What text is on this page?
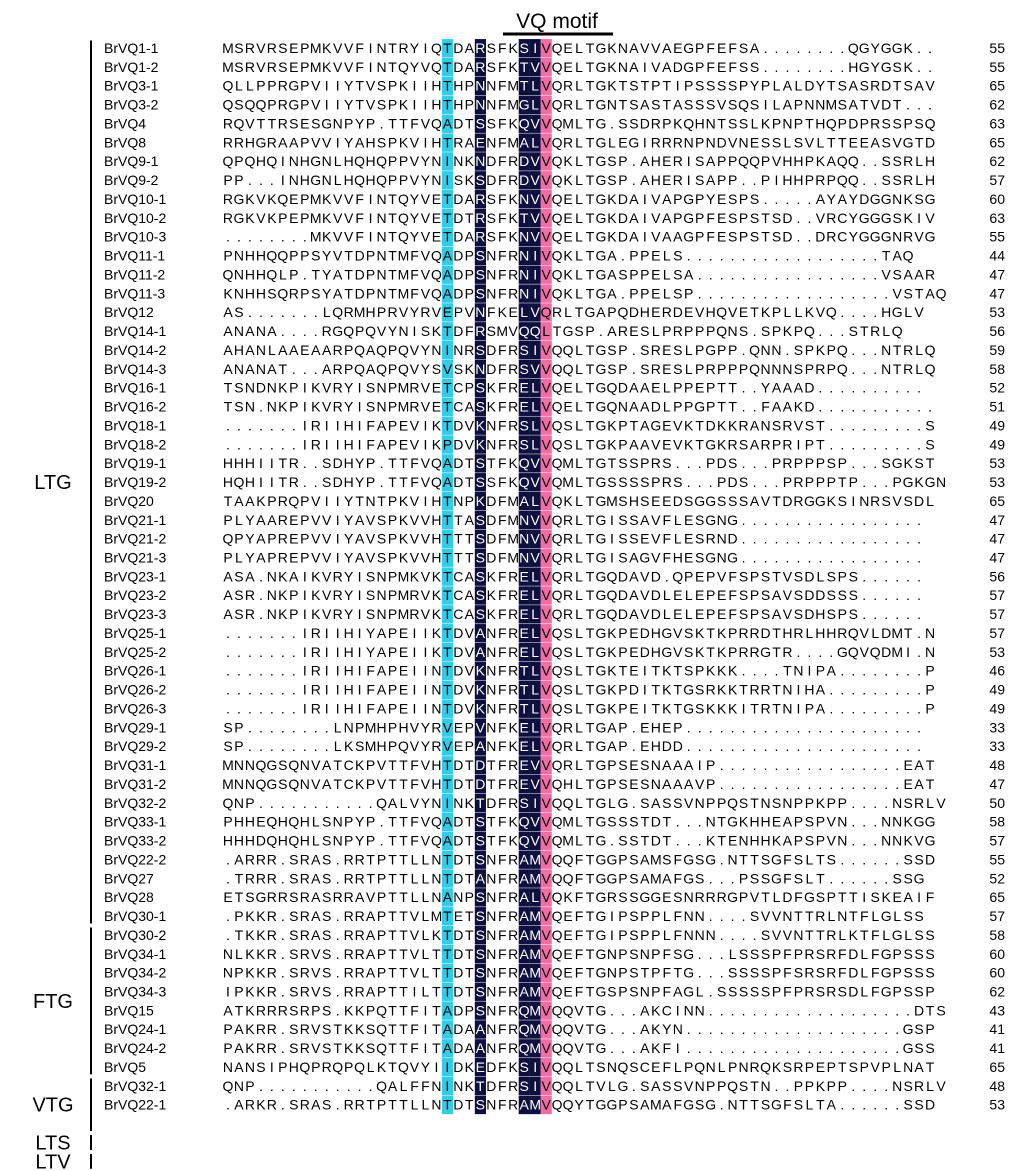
VQ motif
LTG
FTG
VTG
LTS
LTV
BrVQ1-1
BrVQ1-2
BrVQ3-1
BrVQ3-2
BrVQ4
BrVQ8
BrVQ9-1
BrVQ9-2
BrVQ10-1
BrVQ10-2
BrVQ10-3
BrVQ11-1
BrVQ11-2
BrVQ11-3
BrVQ12
BrVQ14-1
BrVQ14-2
BrVQ14-3
BrVQ16-1
BrVQ16-2
BrVQ18-1
BrVQ18-2
BrVQ19-1
BrVQ19-2
BrVQ20
BrVQ21-1
BrVQ21-2
BrVQ21-3
BrVQ23-1
BrVQ23-2
BrVQ23-3
BrVQ25-1
BrVQ25-2
BrVQ26-1
BrVQ26-2
BrVQ26-3
BrVQ29-1
BrVQ29-2
BrVQ31-1
BrVQ31-2
BrVQ32-2
BrVQ33-1
BrVQ33-2
BrVQ22-2
BrVQ27
BrVQ28
BrVQ30-1
BrVQ30-2
BrVQ34-1
BrVQ34-2
BrVQ34-3
BrVQ15
BrVQ24-1
BrVQ24-2
BrVQ5
BrVQ32-1
BrVQ22-1
M S R V R S E P M K V V F I N T R Y I Q T D A R S F K S I V Q E L T G K N A V V A E G P F E F S A . . . . . . . . Q G Y G G K . .
M S R V R S E P M K V V F I N T Q Y V Q T D A R S F K T V V Q E L T G K N A I V A D G P F E F S S . . . . . . . . H G Y G S K . .
Q L L P P R G P V I I Y T V S P K I I H T H P N N F M T L V Q R L T G K T S T P T I P S S S S P Y P L A L D Y T S A S R D T S A V
Q S Q Q P R G P V I I Y T V S P K I I H T H P N N F M G L V Q R L T G N T S A S T A S S S V S Q S I L A P N N M S A T V D T . . .
R Q V T T R S E S G N P Y P . T T F V Q A D T S S F K Q V V Q M L T G . S S D R P K Q H N T S S L K P N P T H Q P D P R S S P S Q
R R H G R A A P V V I Y A H S P K V I H T R A E N F M A L V Q R L T G L E G I R R R N P N D V N E S S L S V L T T E E A S V G T D
Q P Q H Q I N H G N L H Q H Q P P V Y N I N K N D F R D V V Q K L T G S P . A H E R I S A P P Q Q P V H H P K A Q Q . . S S R L H
P P . . . I N H G N L H Q H Q P P V Y N I S K S D F R D V V Q K L T G S P . A H E R I S A P P . . P I H H P R P Q Q . . S S R L H
R G K V K Q E P M K V V F I N T Q Y V E T D A R S F K N V V Q E L T G K D A I V A P G P Y E S P S . . . . . A Y A Y D G G N K S G
R G K V K P E P M K V V F I N T Q Y V E T D T R S F K T V V Q E L T G K D A I V A P G P F E S P S T S D . . V R C Y G G G S K I V
. . . . . . . . M K V V F I N T Q Y V E T D A R S F K N V V Q E L T G K D A I V A A G P F E S P S T S D . . D R C Y G G G N R V G
P N H H Q Q P P S Y V T D P N T M F V Q A D P S N F R N I V Q K L T G A . P P E L S . . . . . . . . . . . . . . . . . . T A Q
Q N H H Q L P . T Y A T D P N T M F V Q A D P S N F R N I V Q K L T G A S P P E L S A . . . . . . . . . . . . . . . . . V S A A R
K N H H S Q R P S Y A T D P N T M F V Q A D P S N F R N I V Q K L T G A . P P E L S P . . . . . . . . . . . . . . . . . . V S T A Q
A S . . . . . . . L Q R M H P R V Y R V E P V N F K E L V Q R L T G A P Q D H E R D E V H Q V E T K P L L K V Q . . . . H G L V
A N A N A . . . . R G Q P Q V Y N I S K T D F R S M V Q Q L T G S P . A R E S L P R P P P Q N S . S P K P Q . . . S T R L Q
A H A N L A A E A A R P Q A Q P Q V Y N I N R S D F R S I V Q Q L T G S P . S R E S L P G P P . Q N N . S P K P Q . . . N T R L Q
A N A N A T . . . A R P Q A Q P Q V Y S V S K N D F R S V V Q Q L T G S P . S R E S L P R P P P Q N N N S P R P Q . . . N T R L Q
T S N D N K P I K V R Y I S N P M R V E T C P S K F R E L V Q E L T G Q D A A E L P P E P T T . . Y A A A D . . . . . . . . . .
T S N . N K P I K V R Y I S N P M R V E T C A S K F R E L V Q E L T G Q N A A D L P P G P T T . . F A A K D . . . . . . . . . . .
. . . . . . . I R I I H I F A P E V I K T D V K N F R S L V Q S L T G K P T A G E V K T D K K R A N S R V S T . . . . . . . . . S
. . . . . . . I R I I H I F A P E V I K P D V K N F R S L V Q S L T G K P A A V E V K T G K R S A R P R I P T . . . . . . . . . S
H H H I I T R . . S D H Y P . T T F V Q A D T S T F K Q V V Q M L T G T S S P R S . . . P D S . . . P R P P P S P . . . S G K S T
H Q H I I T R . . S D H Y P . T T F V Q A D T S S F K Q V V Q M L T G S S S S P R S . . . P D S . . . P R P P P T P . . . P G K G N
T A A K P R Q P V I I Y T N T P K V I H T N P K D F M A L V Q K L T G M S H S E E D S G G S S S A V T D R G G K S I N R S V S D L
P L Y A A R E P V V I Y A V S P K V V H T T A S D F M N V V Q R L T G I S S A V F L E S G N G . . . . . . . . . . . . . . . . .
Q P Y A P R E P V V I Y A V S P K V V H T T T S D F M N V V Q R L T G I S S E V F L E S R N D . . . . . . . . . . . . . . . . .
P L Y A P R E P V V I Y A V S P K V V H T T T S D F M N V V Q R L T G I S A G V F H E S G N G . . . . . . . . . . . . . . . . .
A S A . N K A I K V R Y I S N P M K V K T C A S K F R E L V Q R L T G Q D A V D . Q P E P V F S P S T V S D L S P S . . . . . .
A S R . N K P I K V R Y I S N P M R V K T C A S K F R E L V Q R L T G Q D A V D L E L E P E F S P S A V S D D S S S . . . . . .
A S R . N K P I K V R Y I S N P M R V K T C A S K F R E L V Q R L T G Q D A V D L E L E P E F S P S A V S D H S P S . . . . . .
. . . . . . . I R I I H I Y A P E I I K T D V A N F R E L V Q S L T G K P E D H G V S K T K P R R D T H R L H H R Q V L D M T . N
. . . . . . . I R I I H I Y A P E I I K T D V A N F R E L V Q S L T G K P E D H G V S K T K P R R G T R . . . . G Q V Q D M I . N
. . . . . . . I R I I H I F A P E I I N T D V K N F R T L V Q S L T G K T E I T K T S P K K K . . . . T N I P A . . . . . . . . P
. . . . . . . I R I I H I F A P E I I N T D V K N F R T L V Q S L T G K P D I T K T G S R K K T R R T N I H A . . . . . . . . . P
. . . . . . . I R I I H I F A P E I I N T D V K N F R T L V Q S L T G K P E I T K T G S K K K I T R T N I P A . . . . . . . . . P
S P . . . . . . . . L N P M H P H V Y R V E P V N F K E L V Q R L T G A P . E H E P . . . . . . . . . . . . . . . . . . . . . .
S P . . . . . . . . L K S M H P Q V Y R V E P A N F K E L V Q R L T G A P . E H D D . . . . . . . . . . . . . . . . . . . . . .
M N N Q G S Q N V A T C K P V T T F V H T D T D T F R E V V Q R L T G P S E S N A A A I P . . . . . . . . . . . . . . . . . E A T
M N N Q G S Q N V A T C K P V T T F V H T D T D T F R E V V Q H L T G P S E S N A A A V P . . . . . . . . . . . . . . . . . E A T
Q N P . . . . . . . . . . . Q A L V Y N I N K T D F R S I V Q Q L T G L G . S A S S V N P P Q S T N S N P P K P P . . . . N S R L V
P H H E Q H Q H L S N P Y P . T T F V Q A D T S T F K Q V V Q M L T G S S S T D T . . . N T G K H H E A P S P V N . . . N N K G G
H H H D Q H Q H L S N P Y P . T T F V Q A D T S T F K Q V V Q M L T G . S S T D T . . . K T E N H H K A P S P V N . . . N N K V G
. A R R R . S R A S . R R T P T T L L N T D T S N F R A M V Q Q F T G G P S A M S F G S G . N T T S G F S L T S . . . . . . S S D
. T R R R . S R A S . R R T P T T L L N T D T A N F R A M V Q Q F T G G P S A M A F G S . . . P S S G F S L T . . . . . . S S G
E T S G R R S R A S R R A V P T T L L N A N P S N F R A L V Q K F T G R S S G G E S N R R R G P V T L D F G S P T T I S K E A I F
. P K K R . S R A S . R R A P T T V L M T E T S N F R A M V Q E F T G I P S P P L F N N . . . . S V V N T T R L N T F L G L S S
. T K K R . S R A S . R R A P T T V L K T D T S N F R A M V Q E F T G I P S P P L F N N N . . . . S V V N T T R L K T F L G L S S
N L K K R . S R V S . R R A P T T V L T T D T S N F R A M V Q E F T G N P S N P F S G . . . L S S S P F P R S R F D L F G P S S S
N P K K R . S R V S . R R A P T T V L T T D T S N F R A M V Q E F T G N P S T P F T G . . . S S S S P F S R S R F D L F G P S S S
I P K K R . S R V S . R R A P T T I L T T D T S N F R A M V Q E F T G S P S N P F A G L . S S S S S P F P R S R S D L F G P S S P
A T K R R R S R P S . K K P Q T T F I T A D P S N F R Q M V Q Q V T G . . . A K C I N N . . . . . . . . . . . . . . . . . . . D T S
P A K R R . S R V S T K K S Q T T F I T A D A A N F R Q M V Q Q V T G . . . A K Y N . . . . . . . . . . . . . . . . . . . . G S P
P A K R R . S R V S T K K S Q T T F I T A D A A N F R Q M V Q Q V T G . . . A K F I . . . . . . . . . . . . . . . . . . . . G S S
N A N S I P H Q P R Q P Q L K T Q V Y I I D K E D F K S I V Q Q L T S N Q S C E F L P Q N L P N R Q K S R P E P T S P V P L N A T
Q N P . . . . . . . . . . . Q A L F F N I N K T D F R S I V Q Q L T V L G . S A S S V N P P Q S T N . . P P K P P . . . . N S R L V
. A R K R . S R A S . R R T P T T L L N T D T S N F R A M V Q Q Y T G G P S A M A F G S G . N T T S G F S L T A . . . . . . S S D
55
55
65
62
63
65
62
57
60
63
55
44
47
47
53
56
59
58
52
51
49
49
53
53
65
47
47
47
56
57
57
57
53
46
49
49
33
33
48
47
50
58
57
55
52
65
57
58
60
60
62
43
41
41
65
48
53
